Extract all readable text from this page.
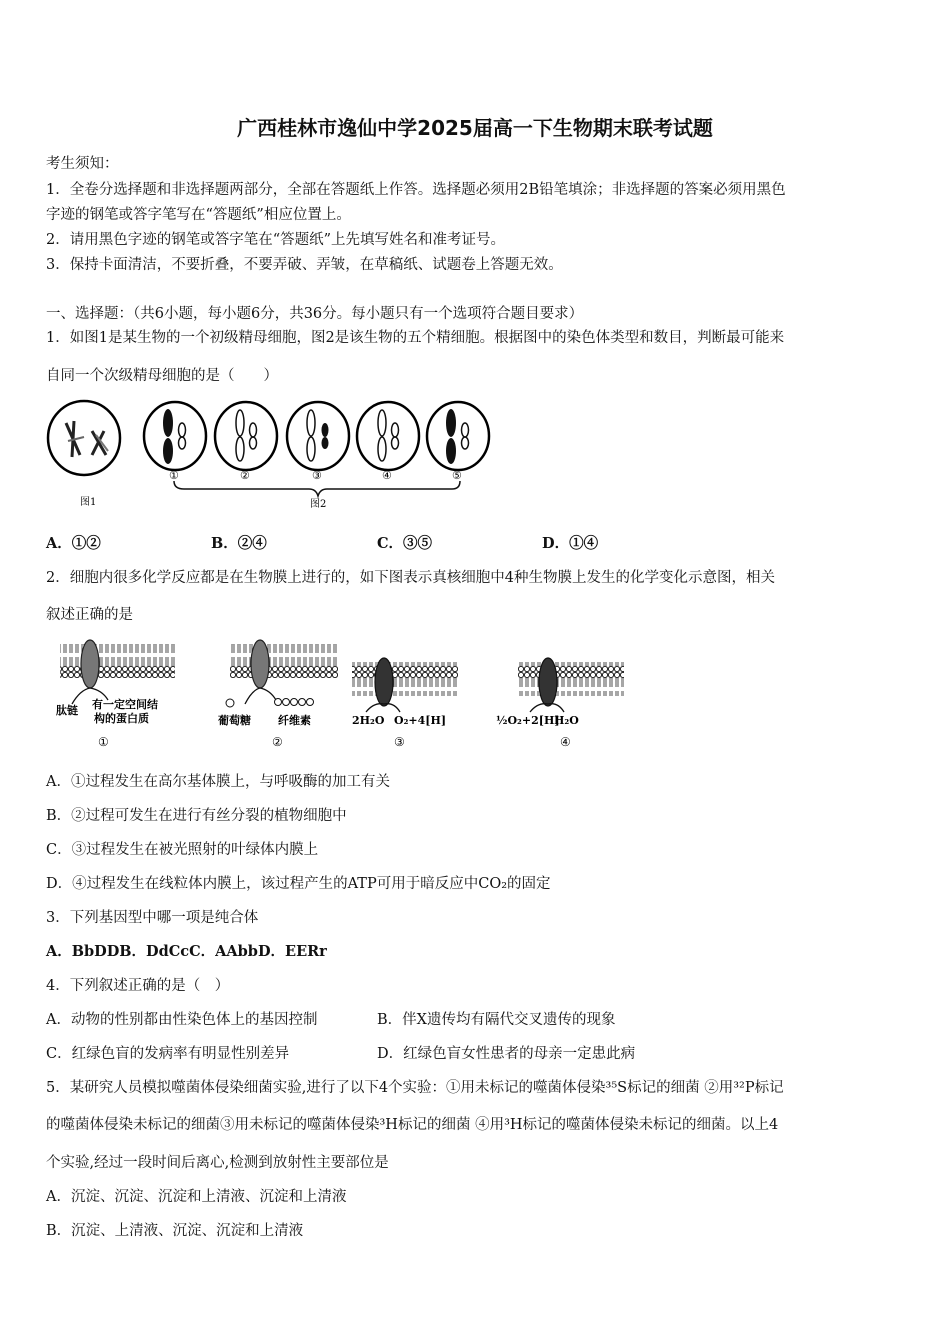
广西桂林市逸仙中学2025届高一下生物期末联考试题
考生须知：
1．全卷分选择题和非选择题两部分，全部在答题纸上作答。选择题必须用2B铅笔填涂；非选择题的答案必须用黑色
字迹的钢笔或答字笔写在“答题纸”相应位置上。
2．请用黑色字迹的钢笔或答字笔在“答题纸”上先填写姓名和准考证号。
3．保持卡面清洁，不要折叠，不要弄破、弄皱，在草稿纸、试题卷上答题无效。
一、选择题：（共6小题，每小题6分，共36分。每小题只有一个选项符合题目要求）
1．如图1是某生物的一个初级精母细胞，图2是该生物的五个精细胞。根据图中的染色体类型和数目，判断最可能来
自同一个次级精母细胞的是（　　）
图1
①	②	③	④	⑤
图2
A．①②	B．②④	C．③⑤	D．①④
2．细胞内很多化学反应都是在生物膜上进行的，如下图表示真核细胞中4种生物膜上发生的化学变化示意图，相关
叙述正确的是
肽链 有一定空间结
构的蛋白质
①
葡萄糖 纤维素
②
2H₂O O₂+4[H]
③
½O₂+2[H]
H₂O
④
A．①过程发生在高尔基体膜上，与呼吸酶的加工有关
B．②过程可发生在进行有丝分裂的植物细胞中
C．③过程发生在被光照射的叶绿体内膜上
D．④过程发生在线粒体内膜上，该过程产生的ATP可用于暗反应中CO₂的固定
3．下列基因型中哪一项是纯合体
A．BbDDB．DdCcC．AAbbD．EERr
4．下列叙述正确的是（　）
A．动物的性别都由性染色体上的基因控制	B．伴X遗传均有隔代交叉遗传的现象
C．红绿色盲的发病率有明显性别差异	D．红绿色盲女性患者的母亲一定患此病
5．某研究人员模拟噬菌体侵染细菌实验,进行了以下4个实验：①用未标记的噬菌体侵染³⁵S标记的细菌 ②用³²P标记
的噬菌体侵染未标记的细菌③用未标记的噬菌体侵染³H标记的细菌 ④用³H标记的噬菌体侵染未标记的细菌。以上4
个实验,经过一段时间后离心,检测到放射性主要部位是
A．沉淀、沉淀、沉淀和上清液、沉淀和上清液
B．沉淀、上清液、沉淀、沉淀和上清液
